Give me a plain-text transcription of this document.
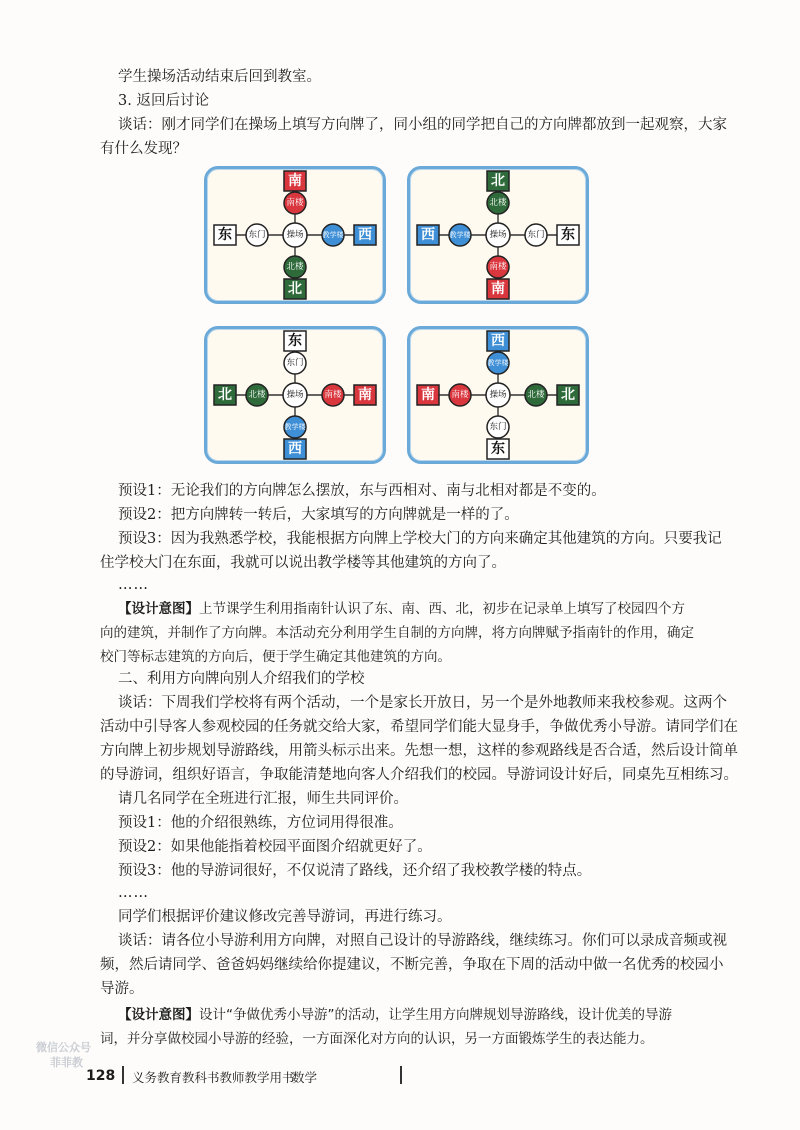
学生操场活动结束后回到教室。
3. 返回后讨论
谈话：刚才同学们在操场上填写方向牌了，同小组的同学把自己的方向牌都放到一起观察，大家
有什么发现？
南
北
东	西
南楼
北楼
东门	教学楼
操场
北
南
西	东
北楼
南楼
教学楼	东门
操场
东
西
北	南
东门
教学楼
北楼	南楼
操场
西
东
南	北
教学楼
东门
南楼	北楼
操场
预设1：无论我们的方向牌怎么摆放，东与西相对、南与北相对都是不变的。
预设2：把方向牌转一转后，大家填写的方向牌就是一样的了。
预设3：因为我熟悉学校，我能根据方向牌上学校大门的方向来确定其他建筑的方向。只要我记
住学校大门在东面，我就可以说出教学楼等其他建筑的方向了。
……
【设计意图】上节课学生利用指南针认识了东、南、西、北，初步在记录单上填写了校园四个方
向的建筑，并制作了方向牌。本活动充分利用学生自制的方向牌，将方向牌赋予指南针的作用，确定
校门等标志建筑的方向后，便于学生确定其他建筑的方向。
二、利用方向牌向别人介绍我们的学校
谈话：下周我们学校将有两个活动，一个是家长开放日，另一个是外地教师来我校参观。这两个
活动中引导客人参观校园的任务就交给大家，希望同学们能大显身手，争做优秀小导游。请同学们在
方向牌上初步规划导游路线，用箭头标示出来。先想一想，这样的参观路线是否合适，然后设计简单
的导游词，组织好语言，争取能清楚地向客人介绍我们的校园。导游词设计好后，同桌先互相练习。
请几名同学在全班进行汇报，师生共同评价。
预设1：他的介绍很熟练，方位词用得很准。
预设2：如果他能指着校园平面图介绍就更好了。
预设3：他的导游词很好，不仅说清了路线，还介绍了我校教学楼的特点。
……
同学们根据评价建议修改完善导游词，再进行练习。
谈话：请各位小导游利用方向牌，对照自己设计的导游路线，继续练习。你们可以录成音频或视
频，然后请同学、爸爸妈妈继续给你提建议，不断完善，争取在下周的活动中做一名优秀的校园小
导游。
【设计意图】设计“争做优秀小导游”的活动，让学生用方向牌规划导游路线，设计优美的导游
词，并分享做校园小导游的经验，一方面深化对方向的认识，另一方面锻炼学生的表达能力。
微信公众号
菲菲教
128 义务教育教科书教师教学用书
数学
